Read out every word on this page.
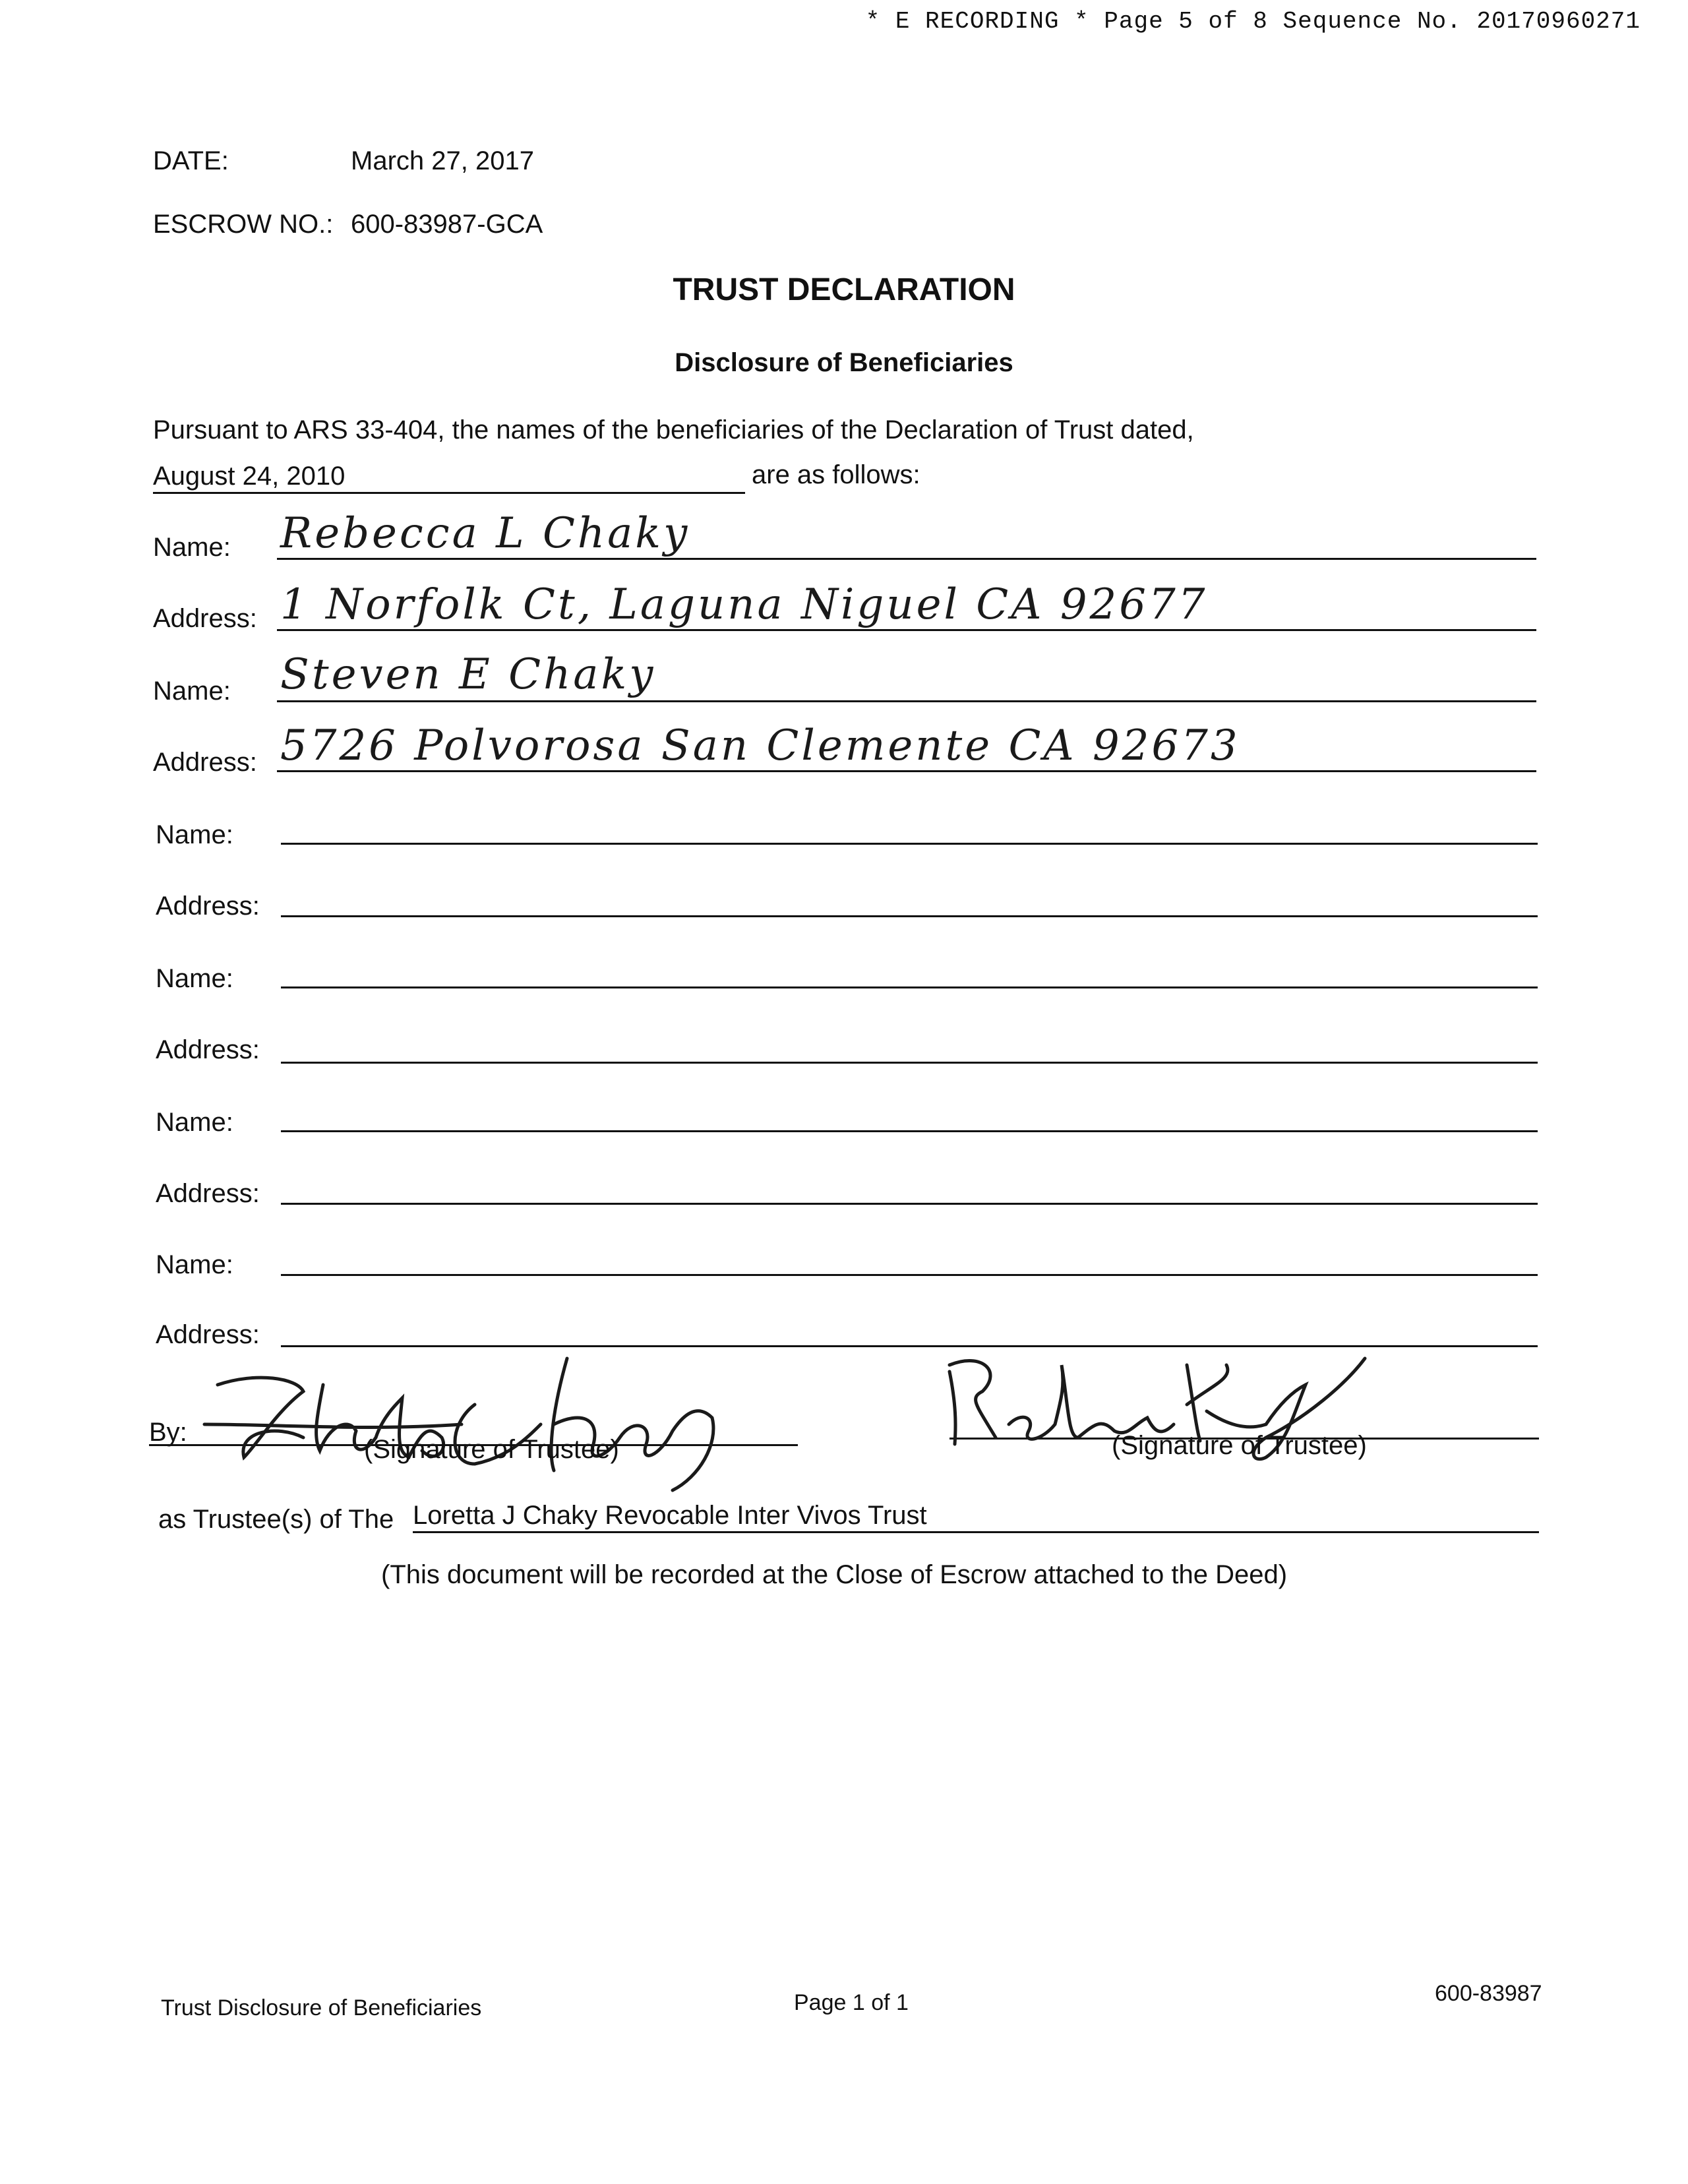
* E RECORDING * Page 5 of 8 Sequence No. 20170960271
DATE:	March 27, 2017
ESCROW NO.: 600-83987-GCA
TRUST DECLARATION
Disclosure of Beneficiaries
Pursuant to ARS 33-404, the names of the beneficiaries of the Declaration of Trust dated,
August 24, 2010	are as follows:
Name: Rebecca L Chaky
Address: 1 Norfolk Ct, Laguna Niguel CA 92677
Name: Steven E Chaky
Address: 5726 Polvorosa San Clemente CA 92673
Name:
Address:
Name:
Address:
Name:
Address:
Name:
Address:
By:
(Signature of Trustee)	(Signature of Trustee)
as Trustee(s) of The Loretta J Chaky Revocable Inter Vivos Trust
(This document will be recorded at the Close of Escrow attached to the Deed)
Trust Disclosure of Beneficiaries	Page 1 of 1	600-83987
